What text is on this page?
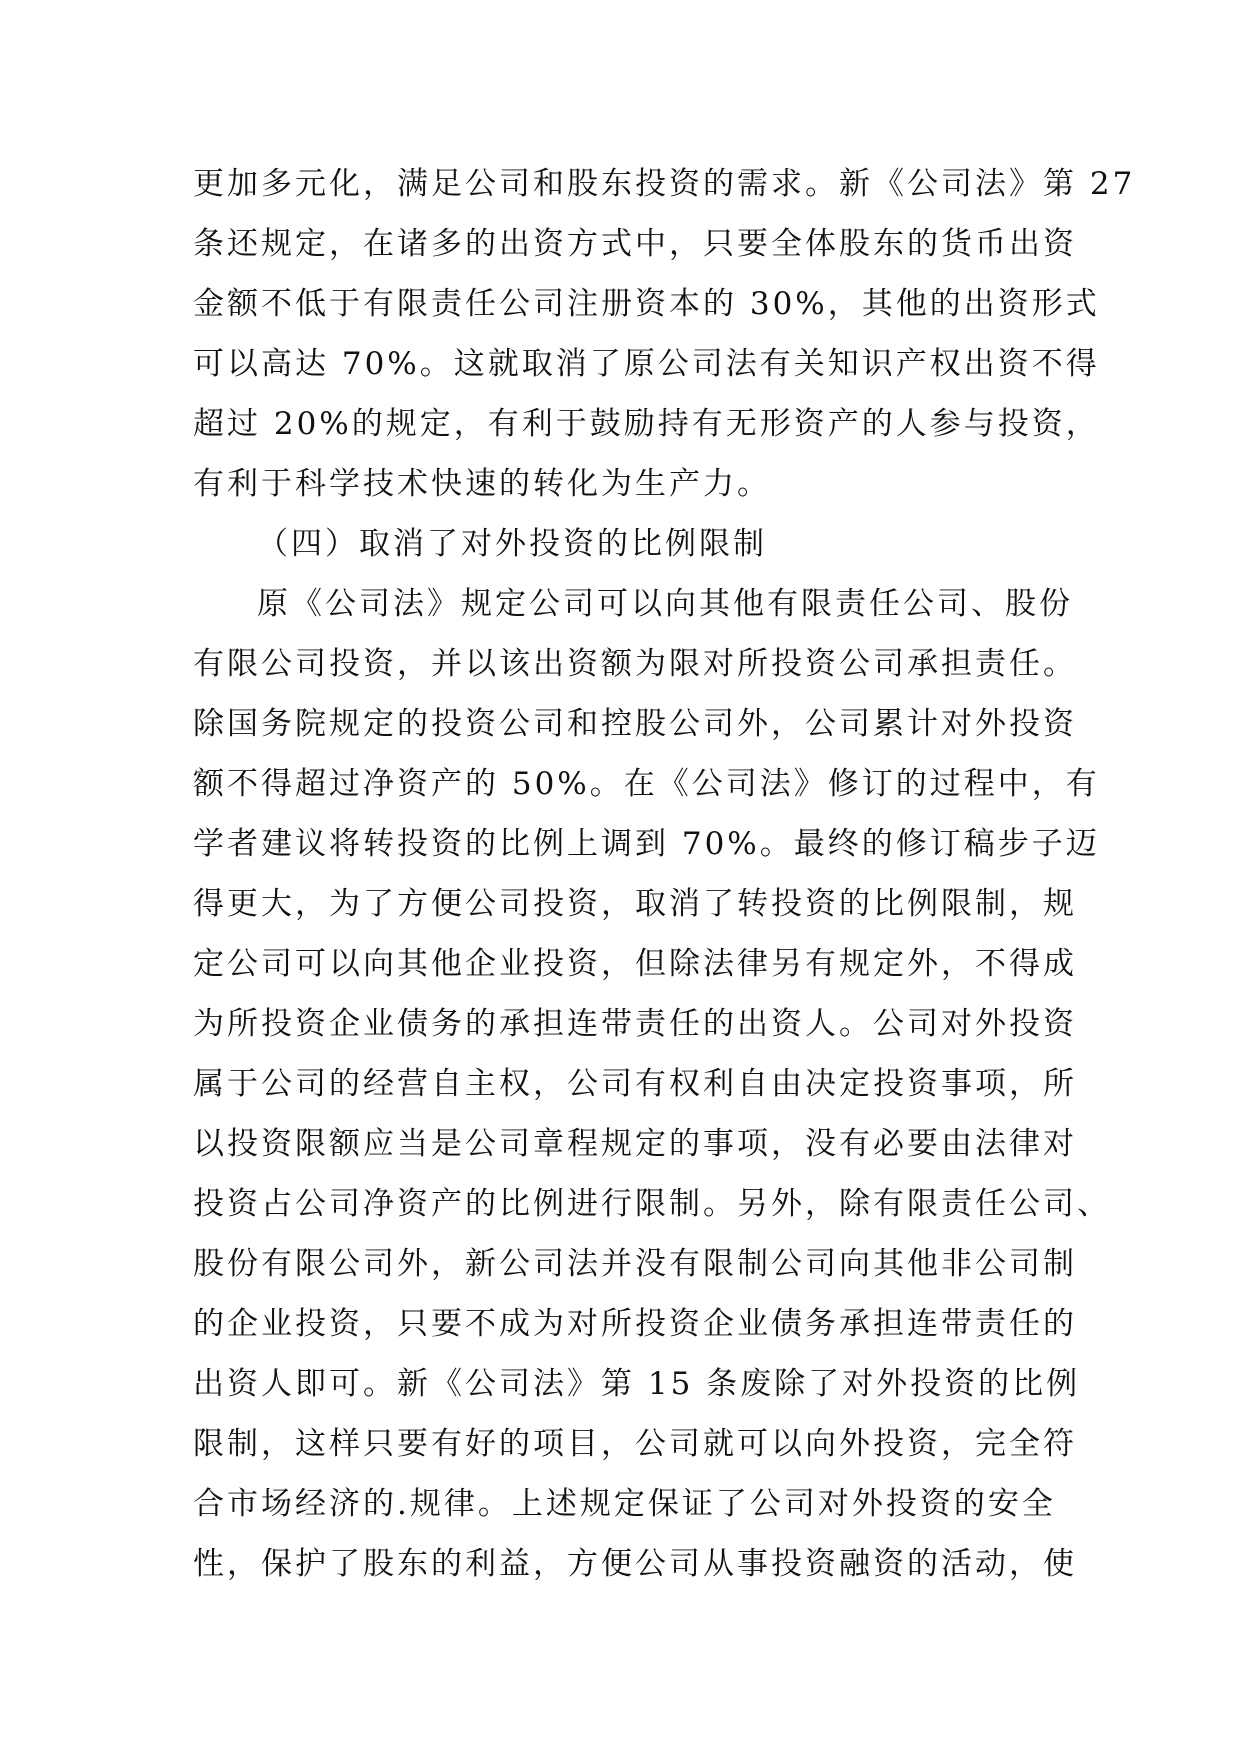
更加多元化，满足公司和股东投资的需求。新《公司法》第 27
条还规定，在诸多的出资方式中，只要全体股东的货币出资
金额不低于有限责任公司注册资本的 30%，其他的出资形式
可以高达 70%。这就取消了原公司法有关知识产权出资不得
超过 20%的规定，有利于鼓励持有无形资产的人参与投资，
有利于科学技术快速的转化为生产力。
（四）取消了对外投资的比例限制
原《公司法》规定公司可以向其他有限责任公司、股份
有限公司投资，并以该出资额为限对所投资公司承担责任。
除国务院规定的投资公司和控股公司外，公司累计对外投资
额不得超过净资产的 50%。在《公司法》修订的过程中，有
学者建议将转投资的比例上调到 70%。最终的修订稿步子迈
得更大，为了方便公司投资，取消了转投资的比例限制，规
定公司可以向其他企业投资，但除法律另有规定外，不得成
为所投资企业债务的承担连带责任的出资人。公司对外投资
属于公司的经营自主权，公司有权利自由决定投资事项，所
以投资限额应当是公司章程规定的事项，没有必要由法律对
投资占公司净资产的比例进行限制。另外，除有限责任公司、
股份有限公司外，新公司法并没有限制公司向其他非公司制
的企业投资，只要不成为对所投资企业债务承担连带责任的
出资人即可。新《公司法》第 15 条废除了对外投资的比例
限制，这样只要有好的项目，公司就可以向外投资，完全符
合市场经济的.规律。上述规定保证了公司对外投资的安全
性，保护了股东的利益，方便公司从事投资融资的活动，使
